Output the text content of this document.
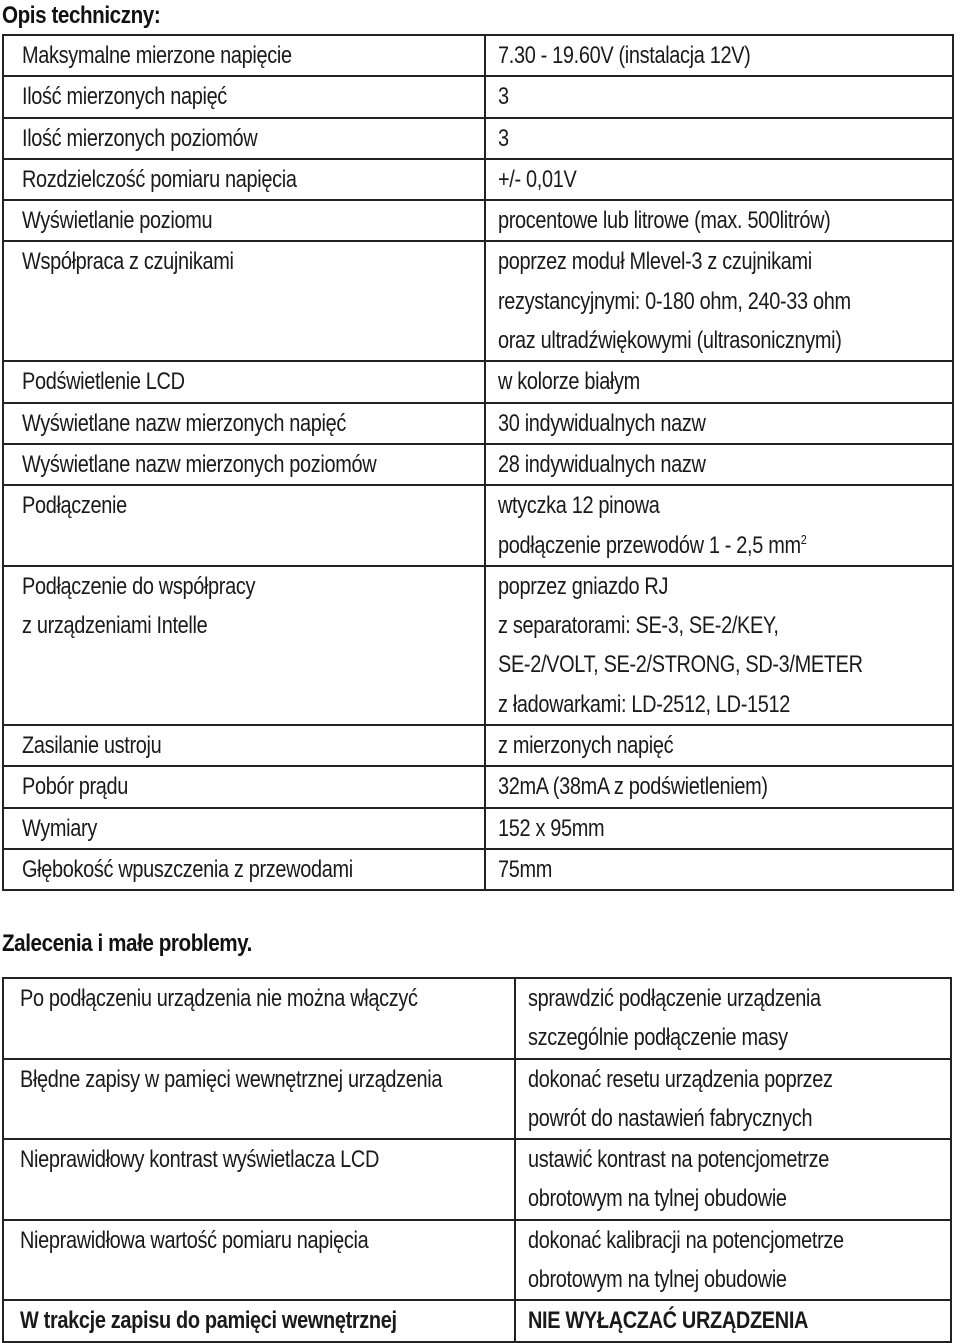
Opis techniczny:
Maksymalne mierzone napięcie	7.30 - 19.60V (instalacja 12V)

Ilość mierzonych napięć	3

Ilość mierzonych poziomów	3

Rozdzielczość pomiaru napięcia	+/- 0,01V

Wyświetlanie poziomu	procentowe lub litrowe (max. 500litrów)

Współpraca z czujnikami	poprzez moduł Mlevel-3 z czujnikami
rezystancyjnymi: 0-180 ohm, 240-33 ohm
oraz ultradźwiękowymi (ultrasonicznymi)

Podświetlenie LCD	w kolorze białym

Wyświetlane nazw mierzonych napięć	30 indywidualnych nazw

Wyświetlane nazw mierzonych poziomów	28 indywidualnych nazw

Podłączenie	wtyczka 12 pinowa
podłączenie przewodów 1 - 2,5 $mm^2$

Podłączenie do współpracy
z urządzeniami Intelle	poprzez gniazdo RJ
z separatorami: SE-3, SE-2/KEY,
SE-2/VOLT, SE-2/STRONG, SD-3/METER
z ładowarkami: LD-2512, LD-1512

Zasilanie ustroju	z mierzonych napięć

Pobór prądu	32mA (38mA z podświetleniem)

Wymiary	152 x 95mm

Głębokość wpuszczenia z przewodami	75mm
Zalecenia i małe problemy.
Po podłączeniu urządzenia nie można włączyć	sprawdzić podłączenie urządzenia
szczególnie podłączenie masy

Błędne zapisy w pamięci wewnętrznej urządzenia	dokonać resetu urządzenia poprzez
powrót do nastawień fabrycznych

Nieprawidłowy kontrast wyświetlacza LCD	ustawić kontrast na potencjometrze
obrotowym na tylnej obudowie

Nieprawidłowa wartość pomiaru napięcia	dokonać kalibracji na potencjometrze
obrotowym na tylnej obudowie

W trakcje zapisu do pamięci wewnętrznej	NIE WYŁĄCZAĆ URZĄDZENIA
